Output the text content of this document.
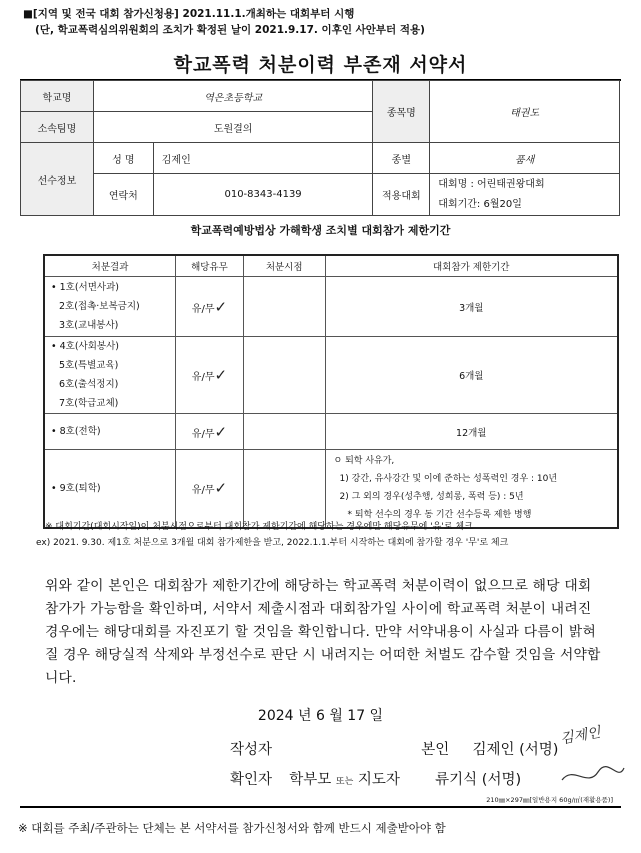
■[지역 및 전국 대회 참가신청용] 2021.11.1.개최하는 대회부터 시행
(단, 학교폭력심의위원회의 조치가 확정된 날이 2021.9.17. 이후인 사안부터 적용)
학교폭력 처분이력 부존재 서약서
학교명	역은초등학교		종목명	태권도
소속팀명	도원결의			
선수정보	성 명	김제인	종별	품새
	연락처	010-8343-4139	적용대회	대회명 : 어린태권왕대회
대회기간: 6월20일
학교폭력예방법상 가해학생 조치별 대회참가 제한기간
처분결과	해당유무	처분시점	대회참가 제한기간

• 1호(서면사과)
2호(접촉·보복금지)
3호(교내봉사)	유/무✓		3개월

• 4호(사회봉사)
5호(특별교육)
6호(출석정지)
7호(학급교체)	유/무✓		6개월

• 8호(전학)	유/무✓		12개월

• 9호(퇴학)	유/무✓		ㅇ 퇴학 사유가,
1) 강간, 유사강간 및 이에 준하는 성폭력인 경우 : 10년
2) 그 외의 경우(성추행, 성희롱, 폭력 등) : 5년
* 퇴학 선수의 경우 동 기간 선수등록 제한 병행
※ 대회기간(대회시작일)이 처분시점으로부터 대회참가 제한기간에 해당하는 경우에만 해당유무에 '유'로 체크
ex) 2021. 9.30. 제1호 처분으로 3개월 대회 참가제한을 받고, 2022.1.1.부터 시작하는 대회에 참가할 경우 '무'로 체크
위와 같이 본인은 대회참가 제한기간에 해당하는 학교폭력 처분이력이 없으므로 해당 대회 참가가 가능함을 확인하며, 서약서 제출시점과 대회참가일 사이에 학교폭력 처분이 내려진 경우에는 해당대회를 자진포기 할 것임을 확인합니다. 만약 서약내용이 사실과 다름이 밝혀질 경우 해당실적 삭제와 부정선수로 판단 시 내려지는 어떠한 처벌도 감수할 것임을 서약합니다.
2024 년 6 월 17 일
작성자	본인 김제인 (서명)
김제인
확인자 학부모 또는 지도자 류기식 (서명)
210㎜×297㎜[일반용지 60g/㎡(재활용품)]
※ 대회를 주최/주관하는 단체는 본 서약서를 참가신청서와 함께 반드시 제출받아야 함
